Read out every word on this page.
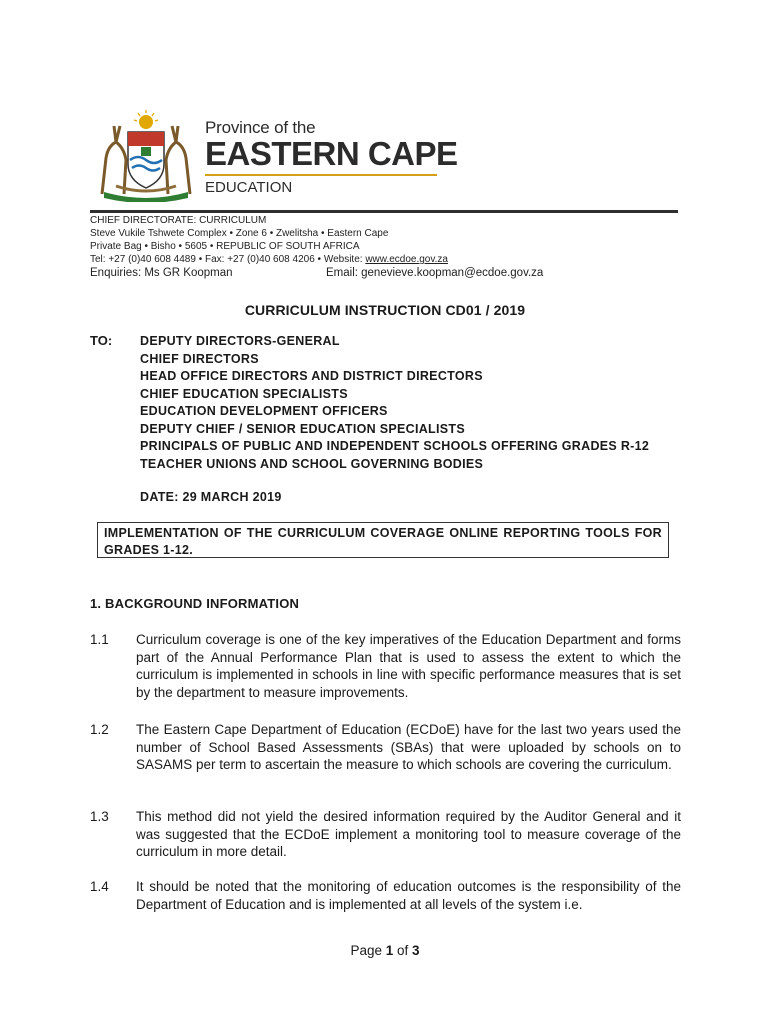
Province of the
EASTERN CAPE
EDUCATION
CHIEF DIRECTORATE: CURRICULUM
Steve Vukile Tshwete Complex • Zone 6 • Zwelitsha • Eastern Cape
Private Bag • Bisho • 5605 • REPUBLIC OF SOUTH AFRICA
Tel: +27 (0)40 608 4489 • Fax: +27 (0)40 608 4206 • Website: www.ecdoe.gov.za
Enquiries: Ms GR Koopman	Email: genevieve.koopman@ecdoe.gov.za
CURRICULUM INSTRUCTION CD01 / 2019
TO: DEPUTY DIRECTORS-GENERAL
CHIEF DIRECTORS
HEAD OFFICE DIRECTORS AND DISTRICT DIRECTORS
CHIEF EDUCATION SPECIALISTS
EDUCATION DEVELOPMENT OFFICERS
DEPUTY CHIEF / SENIOR EDUCATION SPECIALISTS
PRINCIPALS OF PUBLIC AND INDEPENDENT SCHOOLS OFFERING GRADES R-12
TEACHER UNIONS AND SCHOOL GOVERNING BODIES
DATE: 29 MARCH 2019
IMPLEMENTATION OF THE CURRICULUM COVERAGE ONLINE REPORTING TOOLS FOR GRADES 1-12.
1. BACKGROUND INFORMATION
1.1 Curriculum coverage is one of the key imperatives of the Education Department and forms part of the Annual Performance Plan that is used to assess the extent to which the curriculum is implemented in schools in line with specific performance measures that is set by the department to measure improvements.
1.2 The Eastern Cape Department of Education (ECDoE) have for the last two years used the number of School Based Assessments (SBAs) that were uploaded by schools on to SASAMS per term to ascertain the measure to which schools are covering the curriculum.
1.3 This method did not yield the desired information required by the Auditor General and it was suggested that the ECDoE implement a monitoring tool to measure coverage of the curriculum in more detail.
1.4 It should be noted that the monitoring of education outcomes is the responsibility of the Department of Education and is implemented at all levels of the system i.e.
Page 1 of 3
